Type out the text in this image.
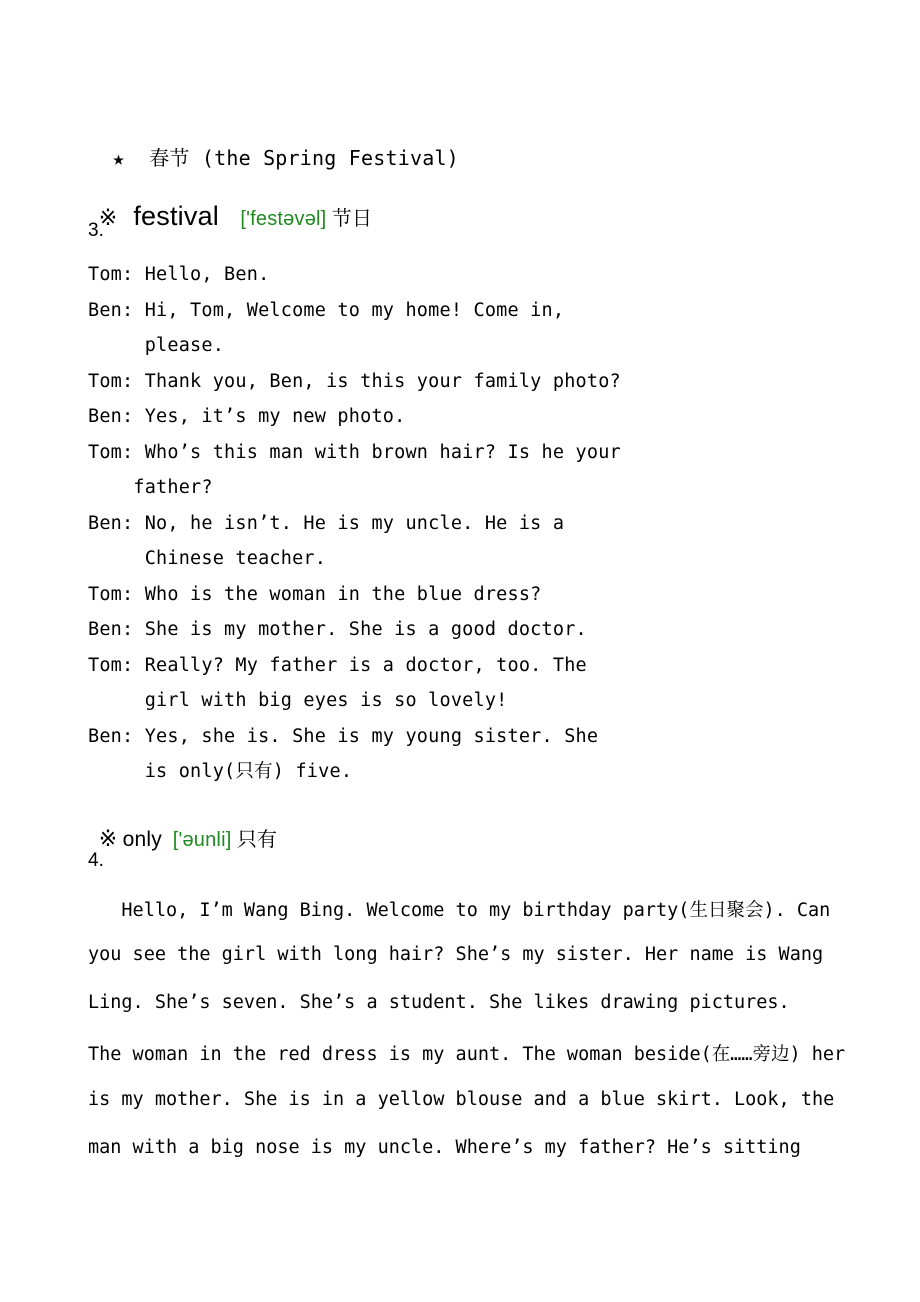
★ 春节 (the Spring Festival)

※ festival ['festəvəl] 节日

3.
Tom: Hello, Ben.
Ben: Hi, Tom, Welcome to my home! Come in,
please.
Tom: Thank you, Ben, is this your family photo?
Ben: Yes, it’s my new photo.
Tom: Who’s this man with brown hair? Is he your
father?
Ben: No, he isn’t. He is my uncle. He is a
Chinese teacher.
Tom: Who is the woman in the blue dress?
Ben: She is my mother. She is a good doctor.
Tom: Really? My father is a doctor, too. The
girl with big eyes is so lovely!
Ben: Yes, she is. She is my young sister. She
is only(只有) five.

※ only ['əunli] 只有

4.
Hello, I’m Wang Bing. Welcome to my birthday party(生日聚会). Can
you see the girl with long hair? She’s my sister. Her name is Wang
Ling. She’s seven. She’s a student. She likes drawing pictures.
The woman in the red dress is my aunt. The woman beside(在……旁边) her
is my mother. She is in a yellow blouse and a blue skirt. Look, the
man with a big nose is my uncle. Where’s my father? He’s sitting
